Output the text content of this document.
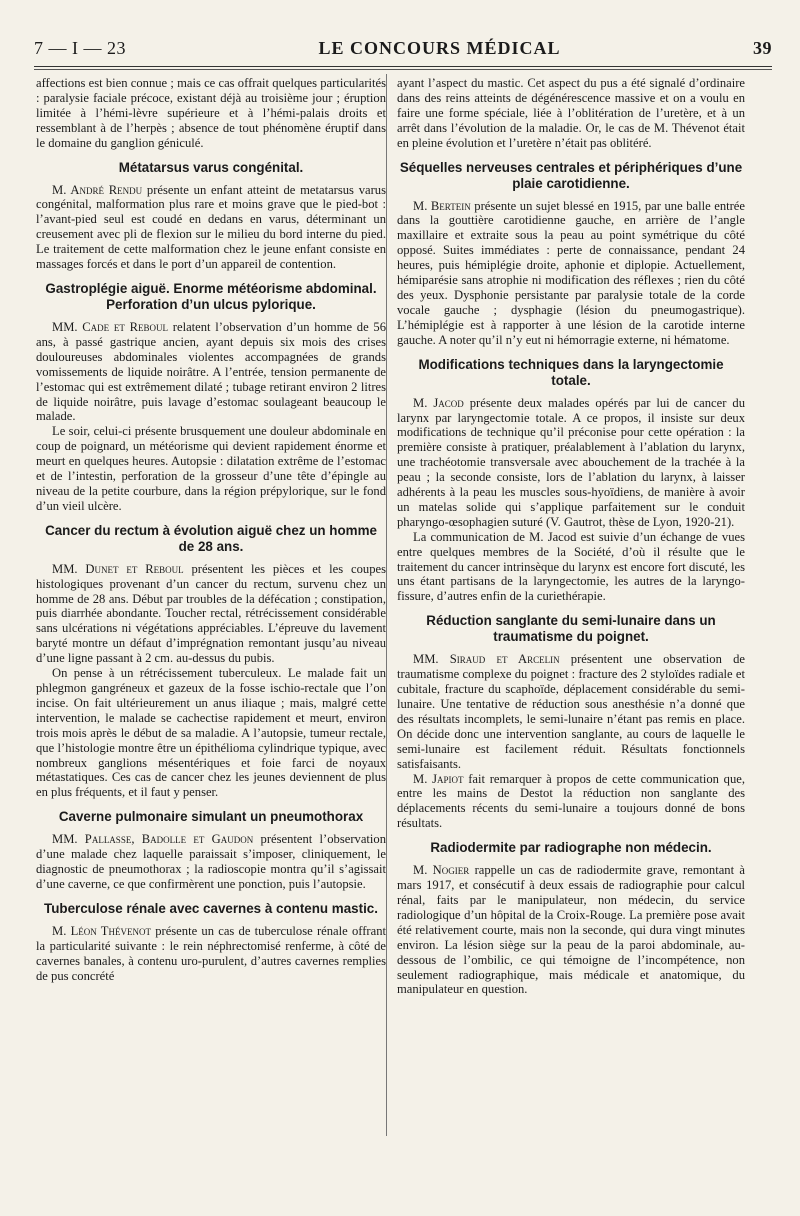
7 — I — 23	LE CONCOURS MÉDICAL	39

affections est bien connue ; mais ce cas offrait quelques particularités : paralysie faciale précoce, existant déjà au troisième jour ; éruption limitée à l’hémi-lèvre supérieure et à l’hémi-palais droits et ressemblant à de l’herpès ; absence de tout phénomène éruptif dans le domaine du ganglion géniculé.

Métatarsus varus congénital.

M. André Rendu présente un enfant atteint de metatarsus varus congénital, malformation plus rare et moins grave que le pied-bot : l’avant-pied seul est coudé en dedans en varus, déterminant un creusement avec pli de flexion sur le milieu du bord interne du pied. Le traitement de cette malformation chez le jeune enfant consiste en massages forcés et dans le port d’un appareil de contention.

Gastroplégie aiguë. Enorme météorisme abdominal. Perforation d’un ulcus pylorique.

MM. Cade et Reboul relatent l’observation d’un homme de 56 ans, à passé gastrique ancien, ayant depuis six mois des crises douloureuses abdominales violentes accompagnées de grands vomissements de liquide noirâtre. A l’entrée, tension permanente de l’estomac qui est extrêmement dilaté ; tubage retirant environ 2 litres de liquide noirâtre, puis lavage d’estomac soulageant beaucoup le malade.

Le soir, celui-ci présente brusquement une douleur abdominale en coup de poignard, un météorisme qui devient rapidement énorme et meurt en quelques heures. Autopsie : dilatation extrême de l’estomac et de l’intestin, perforation de la grosseur d’une tête d’épingle au niveau de la petite courbure, dans la région prépylorique, sur le fond d’un vieil ulcère.

Cancer du rectum à évolution aiguë chez un homme de 28 ans.

MM. Dunet et Reboul présentent les pièces et les coupes histologiques provenant d’un cancer du rectum, survenu chez un homme de 28 ans. Début par troubles de la défécation ; constipation, puis diarrhée abondante. Toucher rectal, rétrécissement considérable sans ulcérations ni végétations appréciables. L’épreuve du lavement baryté montre un défaut d’imprégnation remontant jusqu’au niveau d’une ligne passant à 2 cm. au-dessus du pubis.

On pense à un rétrécissement tuberculeux. Le malade fait un phlegmon gangréneux et gazeux de la fosse ischio-rectale que l’on incise. On fait ultérieurement un anus iliaque ; mais, malgré cette intervention, le malade se cachectise rapidement et meurt, environ trois mois après le début de sa maladie. A l’autopsie, tumeur rectale, que l’histologie montre être un épithélioma cylindrique typique, avec nombreux ganglions mésentériques et foie farci de noyaux métastatiques. Ces cas de cancer chez les jeunes deviennent de plus en plus fréquents, et il faut y penser.

Caverne pulmonaire simulant un pneumothorax

MM. Pallasse, Badolle et Gaudon présentent l’observation d’une malade chez laquelle paraissait s’imposer, cliniquement, le diagnostic de pneumothorax ; la radioscopie montra qu’il s’agissait d’une caverne, ce que confirmèrent une ponction, puis l’autopsie.

Tuberculose rénale avec cavernes à contenu mastic.

M. Léon Thévenot présente un cas de tuberculose rénale offrant la particularité suivante : le rein néphrectomisé renferme, à côté de cavernes banales, à contenu uro-purulent, d’autres cavernes remplies de pus concrété

ayant l’aspect du mastic. Cet aspect du pus a été signalé d’ordinaire dans des reins atteints de dégénérescence massive et on a voulu en faire une forme spéciale, liée à l’oblitération de l’uretère, et à un arrêt dans l’évolution de la maladie. Or, le cas de M. Thévenot était en pleine évolution et l’uretère n’était pas oblitéré.

Séquelles nerveuses centrales et périphériques d’une plaie carotidienne.

M. Bertein présente un sujet blessé en 1915, par une balle entrée dans la gouttière carotidienne gauche, en arrière de l’angle maxillaire et extraite sous la peau au point symétrique du côté opposé. Suites immédiates : perte de connaissance, pendant 24 heures, puis hémiplégie droite, aphonie et diplopie. Actuellement, hémiparésie sans atrophie ni modification des réflexes ; rien du côté des yeux. Dysphonie persistante par paralysie totale de la corde vocale gauche ; dysphagie (lésion du pneumogastrique). L’hémiplégie est à rapporter à une lésion de la carotide interne gauche. A noter qu’il n’y eut ni hémorragie externe, ni hématome.

Modifications techniques dans la laryngectomie totale.

M. Jacod présente deux malades opérés par lui de cancer du larynx par laryngectomie totale. A ce propos, il insiste sur deux modifications de technique qu’il préconise pour cette opération : la première consiste à pratiquer, préalablement à l’ablation du larynx, une trachéotomie transversale avec abouchement de la trachée à la peau ; la seconde consiste, lors de l’ablation du larynx, à laisser adhérents à la peau les muscles sous-hyoïdiens, de manière à avoir un matelas solide qui s’applique parfaitement sur le conduit pharyngo-œsophagien suturé (V. Gautrot, thèse de Lyon, 1920-21).

La communication de M. Jacod est suivie d’un échange de vues entre quelques membres de la Société, d’où il résulte que le traitement du cancer intrinsèque du larynx est encore fort discuté, les uns étant partisans de la laryngectomie, les autres de la laryngo-fissure, d’autres enfin de la curiethérapie.

Réduction sanglante du semi-lunaire dans un traumatisme du poignet.

MM. Siraud et Arcelin présentent une observation de traumatisme complexe du poignet : fracture des 2 styloïdes radiale et cubitale, fracture du scaphoïde, déplacement considérable du semi-lunaire. Une tentative de réduction sous anesthésie n’a donné que des résultats incomplets, le semi-lunaire n’étant pas remis en place. On décide donc une intervention sanglante, au cours de laquelle le semi-lunaire est facilement réduit. Résultats fonctionnels satisfaisants.

M. Japiot fait remarquer à propos de cette communication que, entre les mains de Destot la réduction non sanglante des déplacements récents du semi-lunaire a toujours donné de bons résultats.

Radiodermite par radiographe non médecin.

M. Nogier rappelle un cas de radiodermite grave, remontant à mars 1917, et consécutif à deux essais de radiographie pour calcul rénal, faits par le manipulateur, non médecin, du service radiologique d’un hôpital de la Croix-Rouge. La première pose avait été relativement courte, mais non la seconde, qui dura vingt minutes environ. La lésion siège sur la peau de la paroi abdominale, au-dessous de l’ombilic, ce qui témoigne de l’incompétence, non seulement radiographique, mais médicale et anatomique, du manipulateur en question.
